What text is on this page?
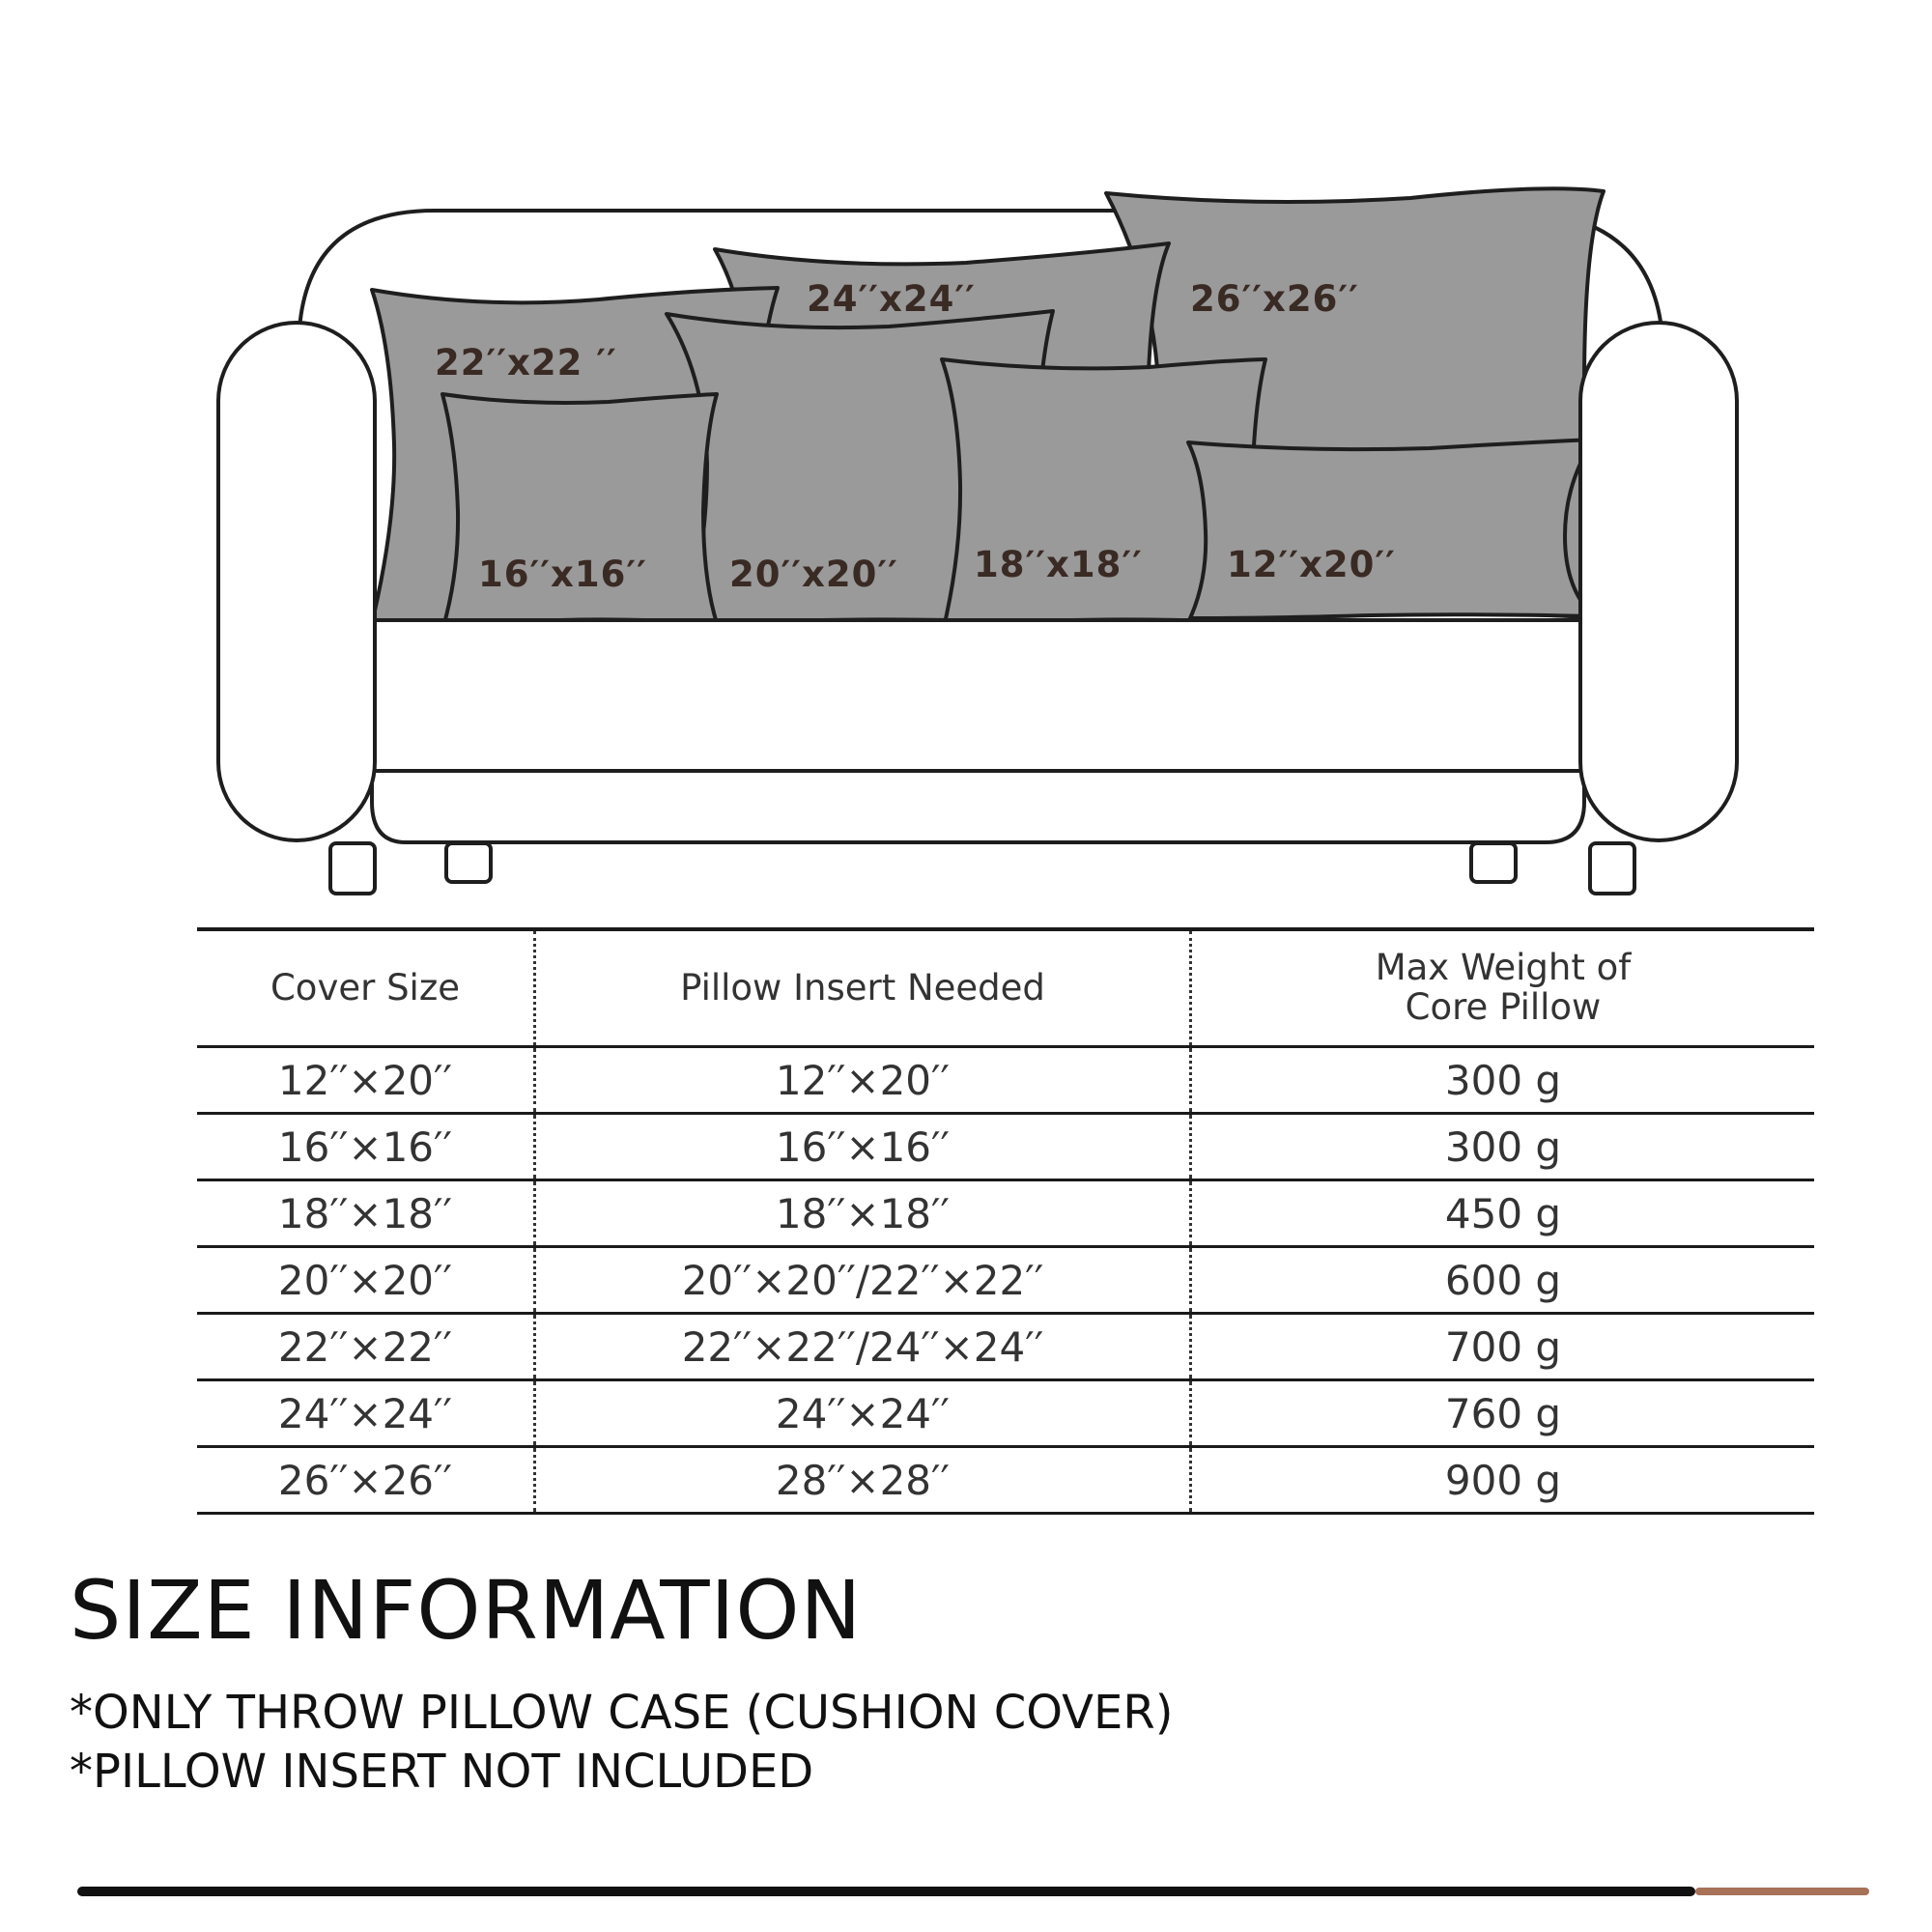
26′′x26′′
24′′x24′′
22′′x22 ′′
20′′x20′′ 18′′x18′′
16′′x16′′	12′′x20′′
Cover Size	Pillow Insert Needed	Max Weight of
Core Pillow
12′′×20′′	12′′×20′′	300 g
16′′×16′′	16′′×16′′	300 g
18′′×18′′	18′′×18′′	450 g
20′′×20′′	20′′×20′′/22′′×22′′	600 g
22′′×22′′	22′′×22′′/24′′×24′′	700 g
24′′×24′′	24′′×24′′	760 g
26′′×26′′	28′′×28′′	900 g
SIZE INFORMATION

*ONLY THROW PILLOW CASE (CUSHION COVER)

*PILLOW INSERT NOT INCLUDED
